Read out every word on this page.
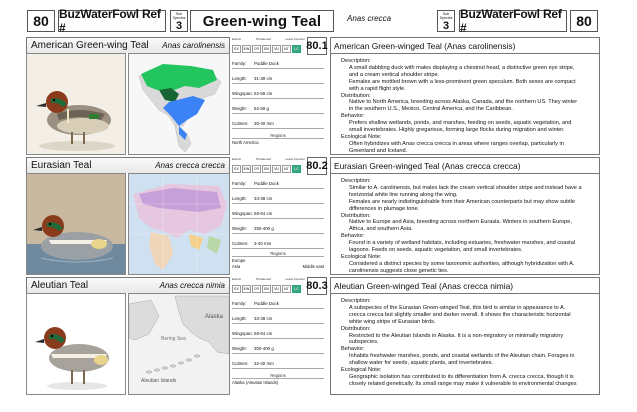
80 BuzWaterFowl Ref #
Sub Species
3	Green-wing Teal	Anas crecca	Sub Species
3
BuzWaterFowl Ref #	80
American Green-wing Teal Anas carolinensis
Extinct	Threatened	Least Concern
EX	EW	CR	EN	VU	NT	LC 80.1
Family: Puddle Duck
Length: 31-39 cm
Wingspan: 52-59 cm
Weight: 52-59 g
Culmen: 30-40 mm
Regions
North America
American Green-winged Teal (Anas carolinensis)
Description:
A small dabbling duck with males displaying a chestnut head, a distinctive green eye stripe,
and a cream vertical shoulder stripe.
Females are mottled brown with a less-prominent green speculum. Both sexes are compact
with a rapid flight style.
Distribution:
Native to North America, breeding across Alaska, Canada, and the northern US. They winter
in the southern U.S., Mexico, Central America, and the Caribbean.
Behavior:
Prefers shallow wetlands, ponds, and marshes, feeding on seeds, aquatic vegetation, and
small invertebrates. Highly gregarious, forming large flocks during migration and winter.
Ecological Note:
Often hybridizes with Anas crecca crecca in areas where ranges overlap, particularly in
Greenland and Iceland.
Eurasian Teal	Anas crecca crecca
Extinct	Threatened	Least Concern
EX	EW	CR	EN	VU	NT	LC 80.2
Family: Puddle Duck
Length: 34-38 cm
Wingspan: 58-64 cm
Weight: 250-400 g
Culmen: 3-40 mm
Regions
Europe
Asia	Middle east
Eurasian Green-winged Teal (Anas crecca crecca)
Description:
Similar to A. carolinensis, but males lack the cream vertical shoulder stripe and instead have a
horizontal white line running along the wing.
Females are nearly indistinguishable from their American counterparts but may show subtle
differences in plumage tone.
Distribution:
Native to Europe and Asia, breeding across northern Eurasia. Winters in southern Europe,
Africa, and southern Asia.
Behavior:
Found in a variety of wetland habitats, including estuaries, freshwater marshes, and coastal
lagoons. Feeds on seeds, aquatic vegetation, and small invertebrates.
Ecological Note:
Considered a distinct species by some taxonomic authorities, although hybridization with A.
carolinensis suggests close genetic ties.
Aleutian Teal	Anas crecca nimia
Alaska
Aleutian Islands
Bering Sea
Extinct	Threatened	Least Concern
EX	EW	CR	EN	VU	NT	LC 80.3
Family: Puddle Duck
Length: 33-38 cm
Wingspan: 58-64 cm
Weight: 300-400 g
Culmen: 32-40 mm
Regions
Alaska (Aleutian Islands)
Aleutian Green-winged Teal (Anas crecca nimia)
Description:
A subspecies of the Eurasian Green-winged Teal, this bird is similar in appearance to A.
crecca crecca but slightly smaller and darker overall. It shows the characteristic horizontal
white wing stripe of Eurasian birds.
Distribution:
Restricted to the Aleutian Islands in Alaska. It is a non-migratory or minimally migratory
subspecies.
Behavior:
Inhabits freshwater marshes, ponds, and coastal wetlands of the Aleutian chain. Forages in
shallow water for seeds, aquatic plants, and invertebrates.
Ecological Note:
Geographic isolation has contributed to its differentiation from A. crecca crecca, though it is
closely related genetically. Its small range may make it vulnerable to environmental changes
